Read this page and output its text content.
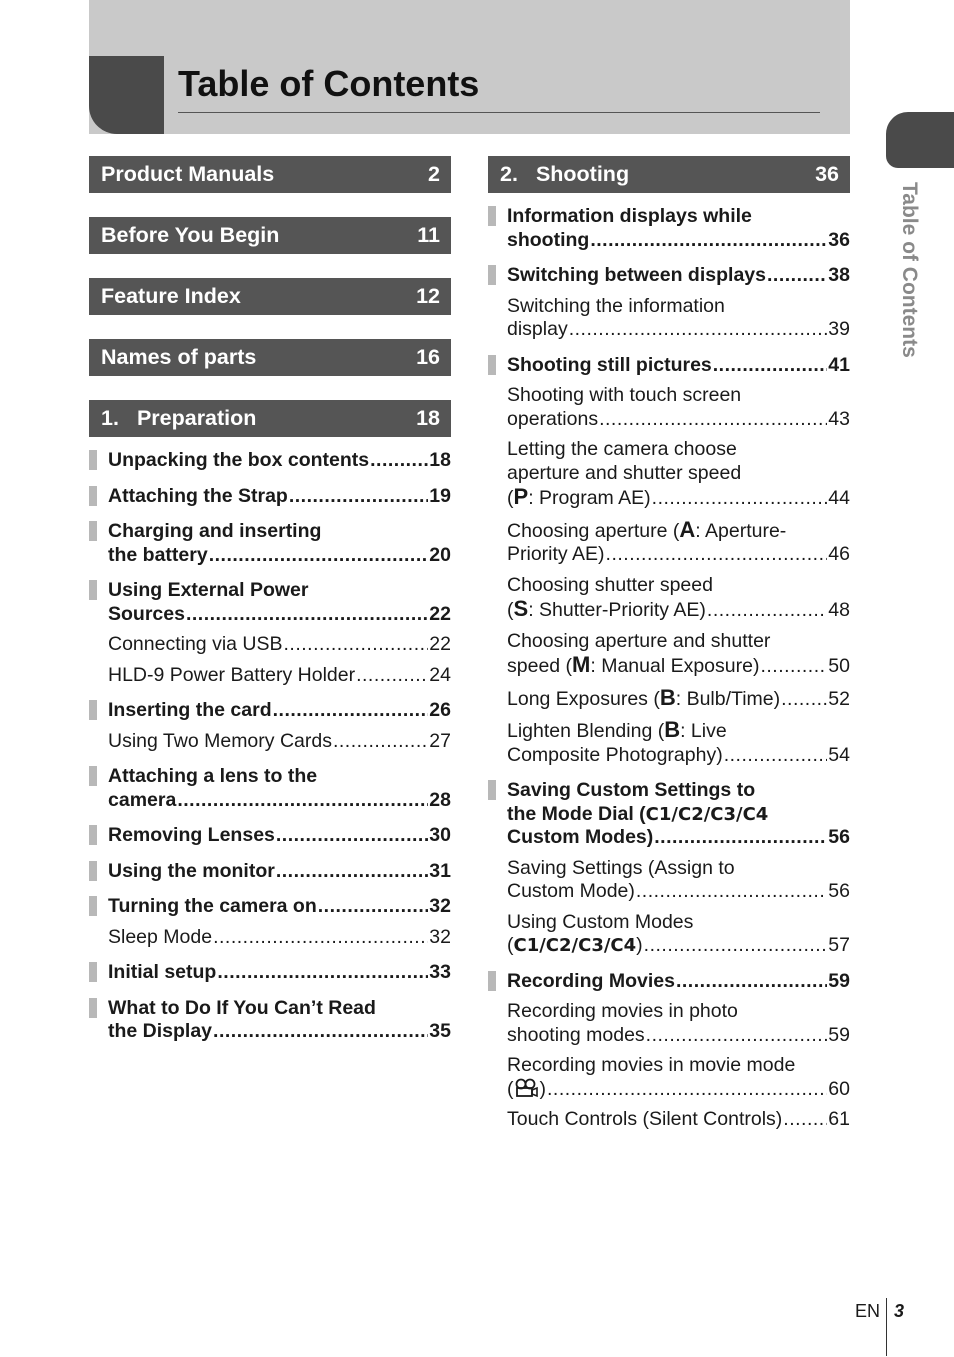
Table of Contents
Table of Contents
Product Manuals	2
Before You Begin	11
Feature Index	12
Names of parts	16
1. Preparation	18
Unpacking the box contents .....	18
Attaching the Strap .....	19
Charging and inserting
the battery .....	20
Using External Power
Sources .....	22
Connecting via USB .....	22
HLD-9 Power Battery Holder .....	24
Inserting the card .....	26
Using Two Memory Cards .....	27
Attaching a lens to the
camera .....	28
Removing Lenses .....	30
Using the monitor .....	31
Turning the camera on .....	32
Sleep Mode .....	32
Initial setup .....	33
What to Do If You Can’t Read
the Display .....	35
2. Shooting	36
Information displays while
shooting .....	36
Switching between displays .....	38
Switching the information
display .....	39
Shooting still pictures .....	41
Shooting with touch screen
operations .....	43
Letting the camera choose
aperture and shutter speed
(P: Program AE) .....	44
Choosing aperture (A: Aperture-
Priority AE) .....	46
Choosing shutter speed
(S: Shutter-Priority AE) .....	48
Choosing aperture and shutter
speed (M: Manual Exposure) .....	50
Long Exposures (B: Bulb/Time) ..... 52
Lighten Blending (B: Live
Composite Photography) .....	54
Saving Custom Settings to
the Mode Dial (C1/C2/C3/C4
Custom Modes) .....	56
Saving Settings (Assign to
Custom Mode) .....	56
Using Custom Modes
(C1/C2/C3/C4) .....	57
Recording Movies .....	59
Recording movies in photo
shooting modes .....	59
Recording movies in movie mode
( ) .....	60
Touch Controls (Silent Controls) ..... 61
EN 3
